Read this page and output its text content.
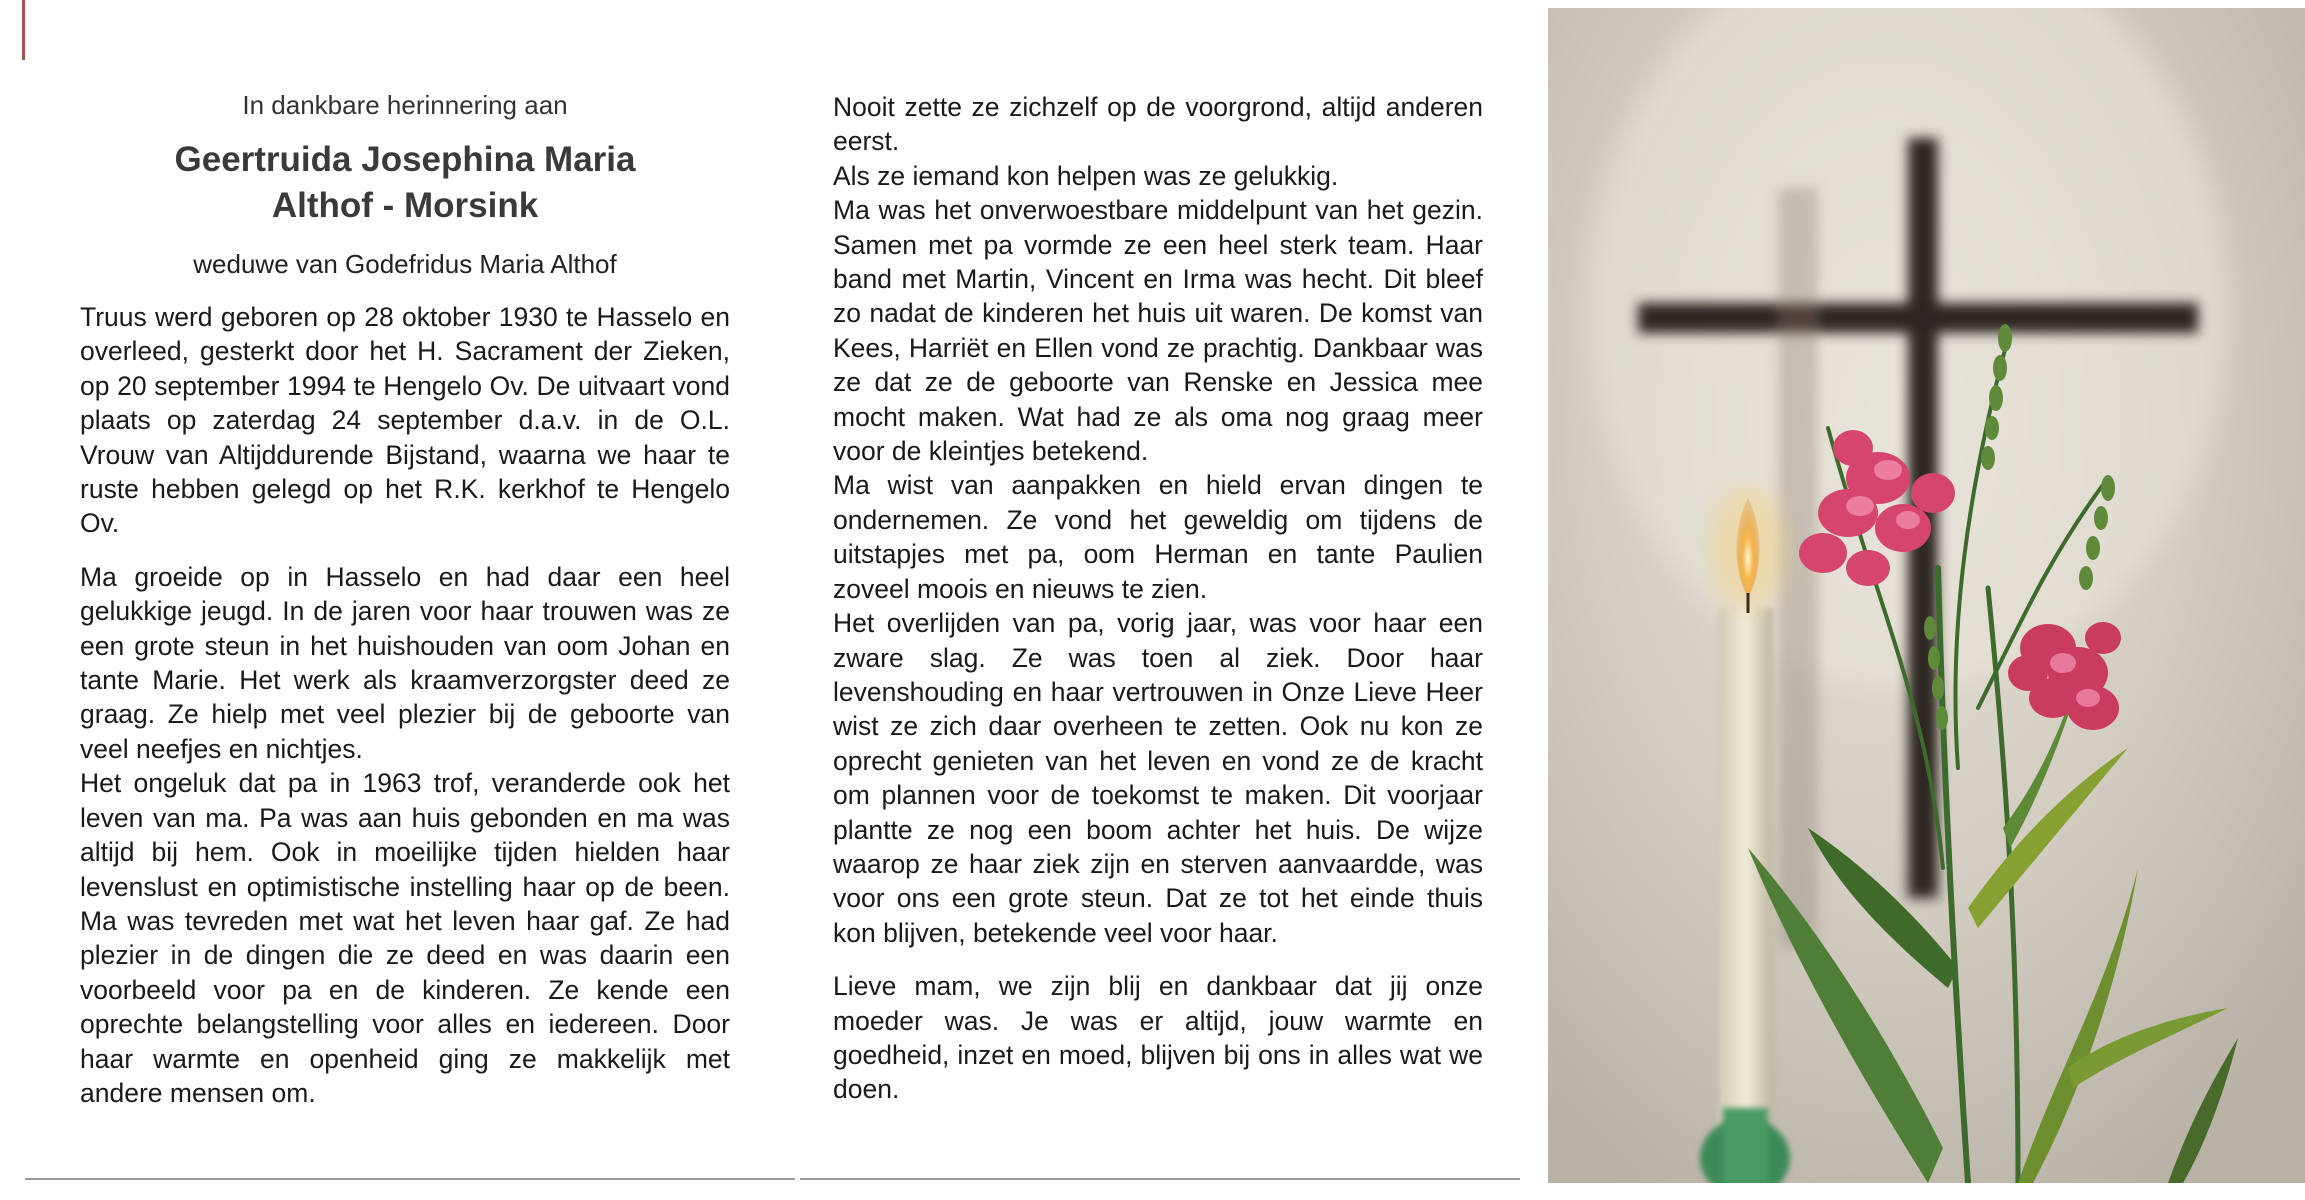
In dankbare herinnering aan

Geertruida Josephina Maria
Althof - Morsink

weduwe van Godefridus Maria Althof

Truus werd geboren op 28 oktober 1930 te Hasselo en overleed, gesterkt door het H. Sacrament der Zieken, op 20 september 1994 te Hengelo Ov. De uitvaart vond plaats op zaterdag 24 september d.a.v. in de O.L. Vrouw van Altijddurende Bijstand, waarna we haar te ruste hebben gelegd op het R.K. kerkhof te Hengelo Ov.

Ma groeide op in Hasselo en had daar een heel gelukkige jeugd. In de jaren voor haar trouwen was ze een grote steun in het huishouden van oom Johan en tante Marie. Het werk als kraamverzorgster deed ze graag. Ze hielp met veel plezier bij de geboorte van veel neefjes en nichtjes.

Het ongeluk dat pa in 1963 trof, veranderde ook het leven van ma. Pa was aan huis gebonden en ma was altijd bij hem. Ook in moeilijke tijden hielden haar levenslust en optimistische instelling haar op de been. Ma was tevreden met wat het leven haar gaf. Ze had plezier in de dingen die ze deed en was daarin een voorbeeld voor pa en de kinderen. Ze kende een oprechte belangstelling voor alles en iedereen. Door haar warmte en openheid ging ze makkelijk met andere mensen om.

Nooit zette ze zichzelf op de voorgrond, altijd anderen eerst.

Als ze iemand kon helpen was ze gelukkig.

Ma was het onverwoestbare middelpunt van het gezin. Samen met pa vormde ze een heel sterk team. Haar band met Martin, Vincent en Irma was hecht. Dit bleef zo nadat de kinderen het huis uit waren. De komst van Kees, Harriët en Ellen vond ze prachtig. Dankbaar was ze dat ze de geboorte van Renske en Jessica mee mocht maken. Wat had ze als oma nog graag meer voor de kleintjes betekend.

Ma wist van aanpakken en hield ervan dingen te ondernemen. Ze vond het geweldig om tijdens de uitstapjes met pa, oom Herman en tante Paulien zoveel moois en nieuws te zien.

Het overlijden van pa, vorig jaar, was voor haar een zware slag. Ze was toen al ziek. Door haar levenshouding en haar vertrouwen in Onze Lieve Heer wist ze zich daar overheen te zetten. Ook nu kon ze oprecht genieten van het leven en vond ze de kracht om plannen voor de toekomst te maken. Dit voorjaar plantte ze nog een boom achter het huis. De wijze waarop ze haar ziek zijn en sterven aanvaardde, was voor ons een grote steun. Dat ze tot het einde thuis kon blijven, betekende veel voor haar.

Lieve mam, we zijn blij en dankbaar dat jij onze moeder was. Je was er altijd, jouw warmte en goedheid, inzet en moed, blijven bij ons in alles wat we doen.
